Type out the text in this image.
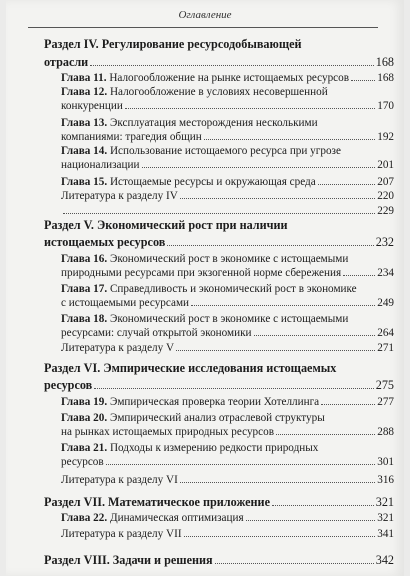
Оглавление
Раздел IV. Регулирование ресурсодобывающей
отрасли	168
Глава 11. Налогообложение на рынке истощаемых ресурсов	168
Глава 12. Налогообложение в условиях несовершенной
конкуренции	170
Глава 13. Эксплуатация месторождения несколькими
компаниями: трагедия общин	192
Глава 14. Использование истощаемого ресурса при угрозе
национализации	201
Глава 15. Истощаемые ресурсы и окружающая среда	207
Литература к разделу IV	220
229
Раздел V. Экономический рост при наличии
истощаемых ресурсов	232
Глава 16. Экономический рост в экономике с истощаемыми
природными ресурсами при экзогенной норме сбережения	234
Глава 17. Справедливость и экономический рост в экономике
с истощаемыми ресурсами	249
Глава 18. Экономический рост в экономике с истощаемыми
ресурсами: случай открытой экономики	264
Литература к разделу V	271
Раздел VI. Эмпирические исследования истощаемых
ресурсов	275
Глава 19. Эмпирическая проверка теории Хотеллинга	277
Глава 20. Эмпирический анализ отраслевой структуры
на рынках истощаемых природных ресурсов	288
Глава 21. Подходы к измерению редкости природных
ресурсов	301
Литература к разделу VI	316
Раздел VII. Математическое приложение	321
Глава 22. Динамическая оптимизация	321
Литература к разделу VII	341
Раздел VIII. Задачи и решения	342
